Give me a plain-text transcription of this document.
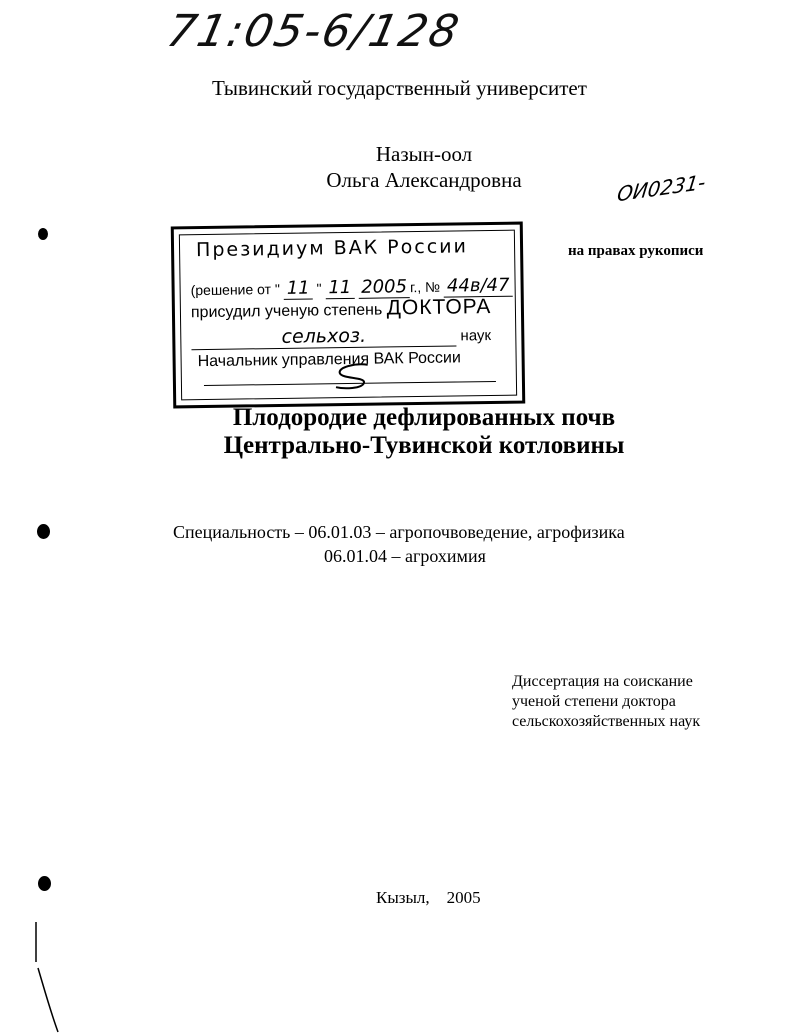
71:05-6/128
Тывинский государственный университет
Назын-оол
Ольга Александровна	ОИ0231-
на правах рукописи
Президиум ВАК России
(решение от " 11 " 11 2005 г., № 44в/47
присудил ученую степень ДОКТОРА
сельхоз.	наук
Начальник управления ВАК России
Плодородие дефлированных почв
Центрально-Тувинской котловины
Специальность – 06.01.03 – агропочвоведение, агрофизика
06.01.04 – агрохимия
Диссертация на соискание
ученой степени доктора
сельскохозяйственных наук
Кызыл,    2005
